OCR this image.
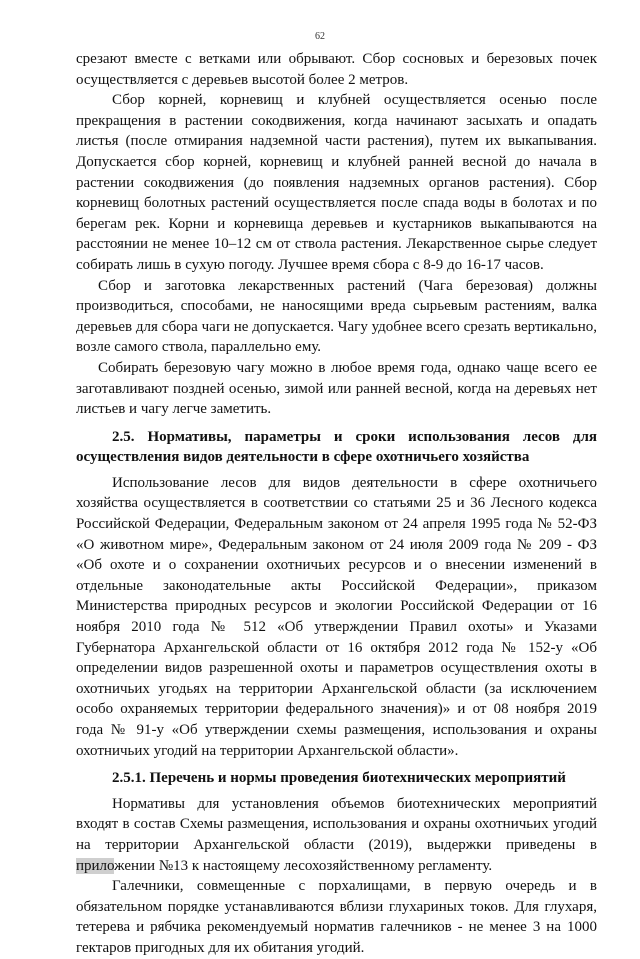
62

срезают вместе с ветками или обрывают. Сбор сосновых и березовых почек осуществляется с деревьев высотой более 2 метров.

Сбор корней, корневищ и клубней осуществляется осенью после прекращения в растении сокодвижения, когда начинают засыхать и опадать листья (после отмирания надземной части растения), путем их выкапывания. Допускается сбор корней, корневищ и клубней ранней весной до начала в растении сокодвижения (до появления надземных органов растения). Сбор корневищ болотных растений осуществляется после спада воды в болотах и по берегам рек. Корни и корневища деревьев и кустарников выкапываются на расстоянии не менее 10–12 см от ствола растения. Лекарственное сырье следует собирать лишь в сухую погоду. Лучшее время сбора с 8-9 до 16-17 часов.

Сбор и заготовка лекарственных растений (Чага березовая) должны производиться, способами, не наносящими вреда сырьевым растениям, валка деревьев для сбора чаги не допускается. Чагу удобнее всего срезать вертикально, возле самого ствола, параллельно ему.

Собирать березовую чагу можно в любое время года, однако чаще всего ее заготавливают поздней осенью, зимой или ранней весной, когда на деревьях нет листьев и чагу легче заметить.

2.5. Нормативы, параметры и сроки использования лесов для осуществления видов деятельности в сфере охотничьего хозяйства

Использование лесов для видов деятельности в сфере охотничьего хозяйства осуществляется в соответствии со статьями 25 и 36 Лесного кодекса Российской Федерации, Федеральным законом от 24 апреля 1995 года № 52-ФЗ «О животном мире», Федеральным законом от 24 июля 2009 года № 209 - ФЗ «Об охоте и о сохранении охотничьих ресурсов и о внесении изменений в отдельные законодательные акты Российской Федерации», приказом Министерства природных ресурсов и экологии Российской Федерации от 16 ноября 2010 года № 512 «Об утверждении Правил охоты» и Указами Губернатора Архангельской области от 16 октября 2012 года № 152-у «Об определении видов разрешенной охоты и параметров осуществления охоты в охотничьих угодьях на территории Архангельской области (за исключением особо охраняемых территории федерального значения)» и от 08 ноября 2019 года № 91-у «Об утверждении схемы размещения, использования и охраны охотничьих угодий на территории Архангельской области».

2.5.1. Перечень и нормы проведения биотехнических мероприятий

Нормативы для установления объемов биотехнических мероприятий входят в состав Схемы размещения, использования и охраны охотничьих угодий на территории Архангельской области (2019), выдержки приведены в приложении №13 к настоящему лесохозяйственному регламенту.

Галечники, совмещенные с порхалищами, в первую очередь и в обязательном порядке устанавливаются вблизи глухариных токов. Для глухаря, тетерева и рябчика рекомендуемый норматив галечников - не менее 3 на 1000 гектаров пригодных для их обитания угодий.
